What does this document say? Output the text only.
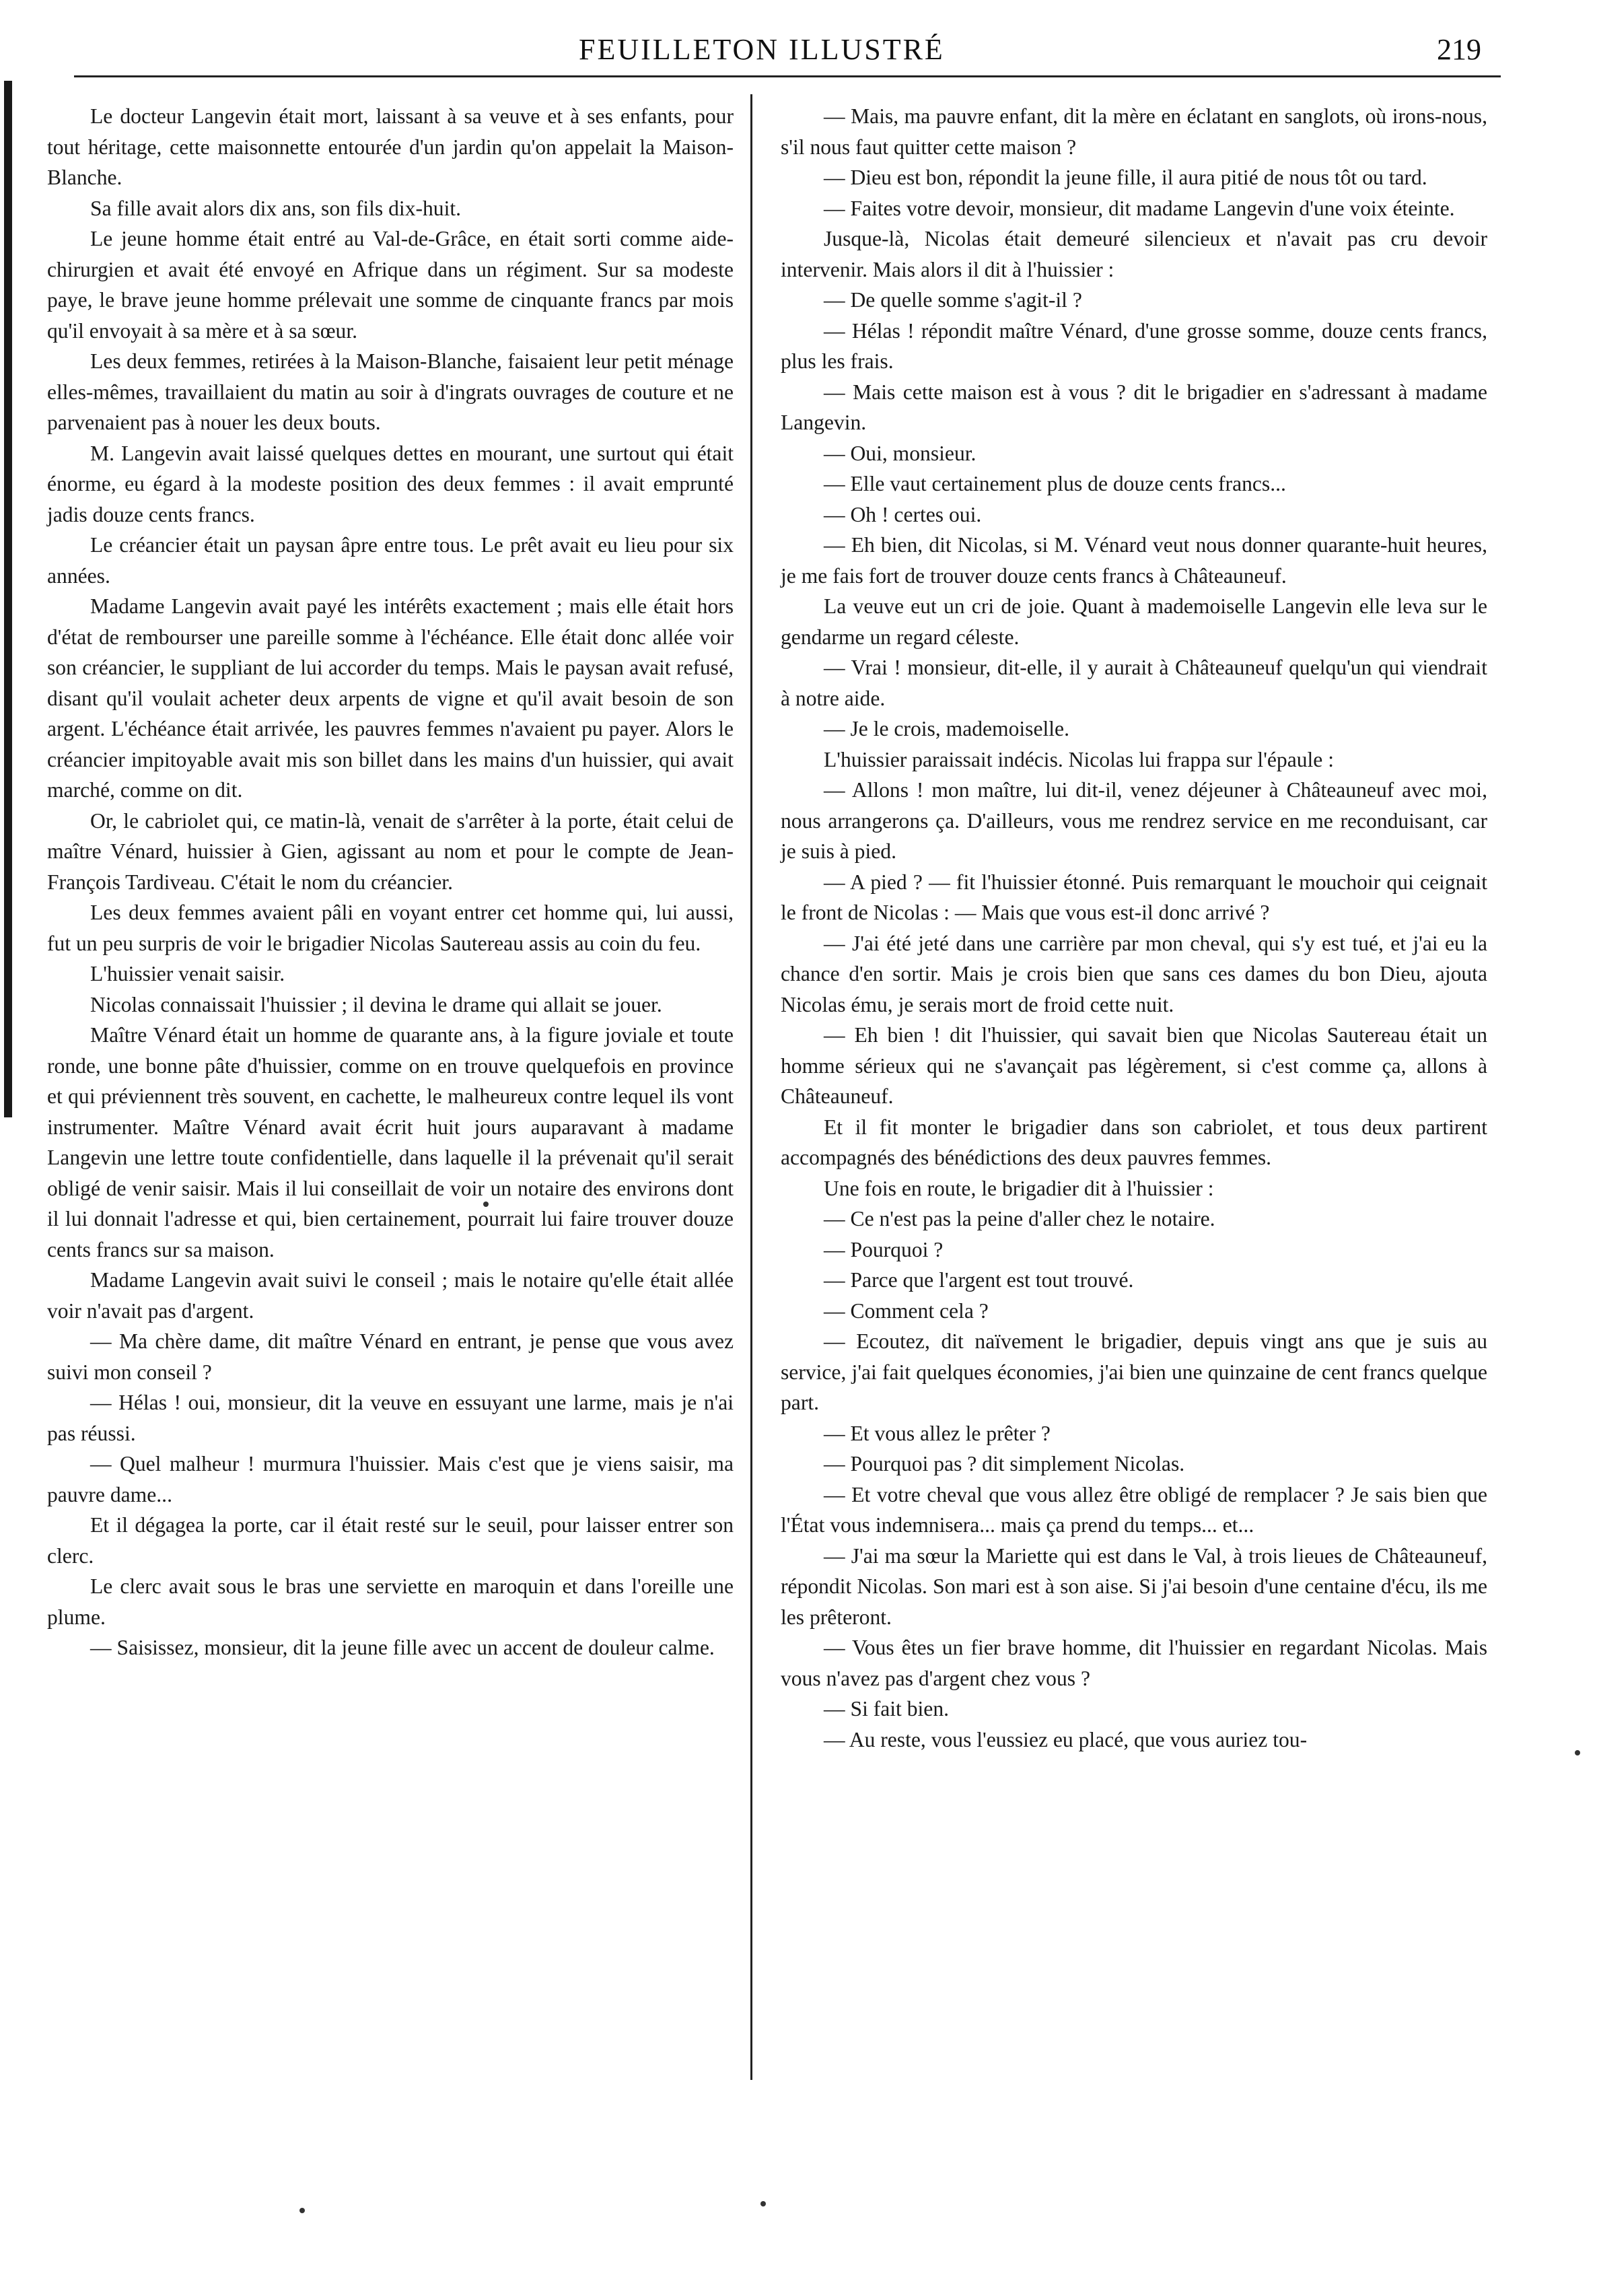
FEUILLETON ILLUSTRÉ	219

Le docteur Langevin était mort, laissant à sa veuve et à ses enfants, pour tout héritage, cette maisonnette entourée d'un jardin qu'on appelait la Maison-Blanche.

Sa fille avait alors dix ans, son fils dix-huit.

Le jeune homme était entré au Val-de-Grâce, en était sorti comme aide-chirurgien et avait été envoyé en Afrique dans un régiment. Sur sa modeste paye, le brave jeune homme prélevait une somme de cinquante francs par mois qu'il envoyait à sa mère et à sa sœur.

Les deux femmes, retirées à la Maison-Blanche, faisaient leur petit ménage elles-mêmes, travaillaient du matin au soir à d'ingrats ouvrages de couture et ne parvenaient pas à nouer les deux bouts.

M. Langevin avait laissé quelques dettes en mourant, une surtout qui était énorme, eu égard à la modeste position des deux femmes : il avait emprunté jadis douze cents francs.

Le créancier était un paysan âpre entre tous. Le prêt avait eu lieu pour six années.

Madame Langevin avait payé les intérêts exactement ; mais elle était hors d'état de rembourser une pareille somme à l'échéance. Elle était donc allée voir son créancier, le suppliant de lui accorder du temps. Mais le paysan avait refusé, disant qu'il voulait acheter deux arpents de vigne et qu'il avait besoin de son argent. L'échéance était arrivée, les pauvres femmes n'avaient pu payer. Alors le créancier impitoyable avait mis son billet dans les mains d'un huissier, qui avait marché, comme on dit.

Or, le cabriolet qui, ce matin-là, venait de s'arrêter à la porte, était celui de maître Vénard, huissier à Gien, agissant au nom et pour le compte de Jean-François Tardiveau. C'était le nom du créancier.

Les deux femmes avaient pâli en voyant entrer cet homme qui, lui aussi, fut un peu surpris de voir le brigadier Nicolas Sautereau assis au coin du feu.

L'huissier venait saisir.

Nicolas connaissait l'huissier ; il devina le drame qui allait se jouer.

Maître Vénard était un homme de quarante ans, à la figure joviale et toute ronde, une bonne pâte d'huissier, comme on en trouve quelquefois en province et qui préviennent très souvent, en cachette, le malheureux contre lequel ils vont instrumenter. Maître Vénard avait écrit huit jours auparavant à madame Langevin une lettre toute confidentielle, dans laquelle il la prévenait qu'il serait obligé de venir saisir. Mais il lui conseillait de voir un notaire des environs dont il lui donnait l'adresse et qui, bien certainement, pourrait lui faire trouver douze cents francs sur sa maison.

Madame Langevin avait suivi le conseil ; mais le notaire qu'elle était allée voir n'avait pas d'argent.

— Ma chère dame, dit maître Vénard en entrant, je pense que vous avez suivi mon conseil ?

— Hélas ! oui, monsieur, dit la veuve en essuyant une larme, mais je n'ai pas réussi.

— Quel malheur ! murmura l'huissier. Mais c'est que je viens saisir, ma pauvre dame...

Et il dégagea la porte, car il était resté sur le seuil, pour laisser entrer son clerc.

Le clerc avait sous le bras une serviette en maroquin et dans l'oreille une plume.

— Saisissez, monsieur, dit la jeune fille avec un accent de douleur calme.

— Mais, ma pauvre enfant, dit la mère en éclatant en sanglots, où irons-nous, s'il nous faut quitter cette maison ?

— Dieu est bon, répondit la jeune fille, il aura pitié de nous tôt ou tard.

— Faites votre devoir, monsieur, dit madame Langevin d'une voix éteinte.

Jusque-là, Nicolas était demeuré silencieux et n'avait pas cru devoir intervenir. Mais alors il dit à l'huissier :

— De quelle somme s'agit-il ?

— Hélas ! répondit maître Vénard, d'une grosse somme, douze cents francs, plus les frais.

— Mais cette maison est à vous ? dit le brigadier en s'adressant à madame Langevin.

— Oui, monsieur.

— Elle vaut certainement plus de douze cents francs...

— Oh ! certes oui.

— Eh bien, dit Nicolas, si M. Vénard veut nous donner quarante-huit heures, je me fais fort de trouver douze cents francs à Châteauneuf.

La veuve eut un cri de joie. Quant à mademoiselle Langevin elle leva sur le gendarme un regard céleste.

— Vrai ! monsieur, dit-elle, il y aurait à Châteauneuf quelqu'un qui viendrait à notre aide.

— Je le crois, mademoiselle.

L'huissier paraissait indécis. Nicolas lui frappa sur l'épaule :

— Allons ! mon maître, lui dit-il, venez déjeuner à Châteauneuf avec moi, nous arrangerons ça. D'ailleurs, vous me rendrez service en me reconduisant, car je suis à pied.

— A pied ? — fit l'huissier étonné. Puis remarquant le mouchoir qui ceignait le front de Nicolas : — Mais que vous est-il donc arrivé ?

— J'ai été jeté dans une carrière par mon cheval, qui s'y est tué, et j'ai eu la chance d'en sortir. Mais je crois bien que sans ces dames du bon Dieu, ajouta Nicolas ému, je serais mort de froid cette nuit.

— Eh bien ! dit l'huissier, qui savait bien que Nicolas Sautereau était un homme sérieux qui ne s'avançait pas légèrement, si c'est comme ça, allons à Châteauneuf.

Et il fit monter le brigadier dans son cabriolet, et tous deux partirent accompagnés des bénédictions des deux pauvres femmes.

Une fois en route, le brigadier dit à l'huissier :

— Ce n'est pas la peine d'aller chez le notaire.

— Pourquoi ?

— Parce que l'argent est tout trouvé.

— Comment cela ?

— Ecoutez, dit naïvement le brigadier, depuis vingt ans que je suis au service, j'ai fait quelques économies, j'ai bien une quinzaine de cent francs quelque part.

— Et vous allez le prêter ?

— Pourquoi pas ? dit simplement Nicolas.

— Et votre cheval que vous allez être obligé de remplacer ? Je sais bien que l'État vous indemnisera... mais ça prend du temps... et...

— J'ai ma sœur la Mariette qui est dans le Val, à trois lieues de Châteauneuf, répondit Nicolas. Son mari est à son aise. Si j'ai besoin d'une centaine d'écu, ils me les prêteront.

— Vous êtes un fier brave homme, dit l'huissier en regardant Nicolas. Mais vous n'avez pas d'argent chez vous ?

— Si fait bien.

— Au reste, vous l'eussiez eu placé, que vous auriez tou-
